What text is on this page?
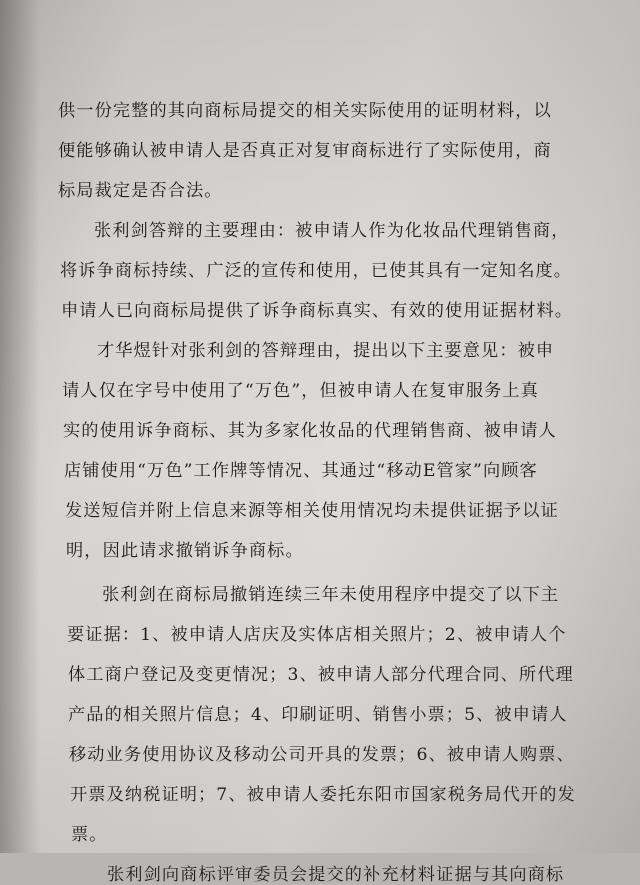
供一份完整的其向商标局提交的相关实际使用的证明材料，以
便能够确认被申请人是否真正对复审商标进行了实际使用，商
标局裁定是否合法。
张利剑答辩的主要理由：被申请人作为化妆品代理销售商，
将诉争商标持续、广泛的宣传和使用，已使其具有一定知名度。
申请人已向商标局提供了诉争商标真实、有效的使用证据材料。
才华煜针对张利剑的答辩理由，提出以下主要意见：被申
请人仅在字号中使用了“万色”，但被申请人在复审服务上真
实的使用诉争商标、其为多家化妆品的代理销售商、被申请人
店铺使用“万色”工作牌等情况、其通过“移动E管家”向顾客
发送短信并附上信息来源等相关使用情况均未提供证据予以证
明，因此请求撤销诉争商标。
张利剑在商标局撤销连续三年未使用程序中提交了以下主
要证据：1、被申请人店庆及实体店相关照片；2、被申请人个
体工商户登记及变更情况；3、被申请人部分代理合同、所代理
产品的相关照片信息；4、印刷证明、销售小票；5、被申请人
移动业务使用协议及移动公司开具的发票；6、被申请人购票、
开票及纳税证明；7、被申请人委托东阳市国家税务局代开的发
票。
张利剑向商标评审委员会提交的补充材料证据与其向商标
